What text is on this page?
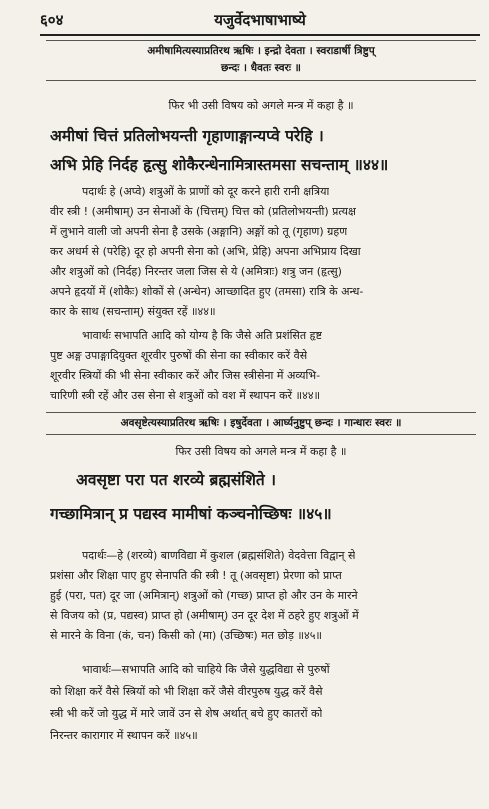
६०४	यजुर्वेदभाषाभाष्ये
अमीषामित्यस्याप्रतिरथ ऋषिः । इन्द्रो देवता । स्वराडार्षी त्रिष्टुप्
छन्दः । धैवतः स्वरः ॥
फिर भी उसी विषय को अगले मन्त्र में कहा है ॥
अमीषां चित्तं प्रतिलोभयन्ती गृहाणाङ्गान्यप्वे परेहि ।
अभि प्रेहि निर्दह हृत्सु शोकैरन्धेनामित्रास्तमसा सचन्ताम् ॥४४॥
पदार्थः हे (अप्वे) शत्रुओं के प्राणों को दूर करने हारी रानी क्षत्रिया
वीर स्त्री ! (अमीषाम्) उन सेनाओं के (चित्तम्) चित्त को (प्रतिलोभयन्ती) प्रत्यक्ष
में लुभाने वाली जो अपनी सेना है उसके (अङ्गानि) अङ्गों को तू (गृहाण) ग्रहण
कर अधर्म से (परेहि) दूर हो अपनी सेना को (अभि, प्रेहि) अपना अभिप्राय दिखा
और शत्रुओं को (निर्दह) निरन्तर जला जिस से ये (अमित्राः) शत्रु जन (हृत्सु)
अपने हृदयों में (शोकैः) शोकों से (अन्धेन) आच्छादित हुए (तमसा) रात्रि के अन्ध-
कार के साथ (सचन्ताम्) संयुक्त रहें ॥४४॥
भावार्थः सभापति आदि को योग्य है कि जैसे अति प्रशंसित हृष्ट
पुष्ट अङ्ग उपाङ्गादियुक्त शूरवीर पुरुषों की सेना का स्वीकार करें वैसे
शूरवीर स्त्रियों की भी सेना स्वीकार करें और जिस स्त्रीसेना में अव्यभि-
चारिणी स्त्री रहें और उस सेना से शत्रुओं को वश में स्थापन करें ॥४४॥
अवसृष्टेत्यस्याप्रतिरथ ऋषिः । इषुर्देवता । आर्घ्यनुष्टुप् छन्दः । गान्धारः स्वरः ॥
फिर उसी विषय को अगले मन्त्र में कहा है ॥
अवसृष्टा परा पत शरव्ये ब्रह्मसंशिते ।
गच्छामित्रान् प्र पद्यस्व मामीषां कञ्चनोच्छिषः ॥४५॥
पदार्थः—हे (शरव्ये) बाणविद्या में कुशल (ब्रह्मसंशिते) वेदवेत्ता विद्वान् से
प्रशंसा और शिक्षा पाए हुए सेनापति की स्त्री ! तू (अवसृष्टा) प्रेरणा को प्राप्त
हुई (परा, पत) दूर जा (अमित्रान्) शत्रुओं को (गच्छ) प्राप्त हो और उन के मारने
से विजय को (प्र, पद्यस्व) प्राप्त हो (अमीषाम्) उन दूर देश में ठहरे हुए शत्रुओं में
से मारने के विना (कं, चन) किसी को (मा) (उच्छिषः) मत छोड़ ॥४५॥
भावार्थः—सभापति आदि को चाहिये कि जैसे युद्धविद्या से पुरुषों
को शिक्षा करें वैसे स्त्रियों को भी शिक्षा करें जैसे वीरपुरुष युद्ध करें वैसे
स्त्री भी करें जो युद्ध में मारे जावें उन से शेष अर्थात् बचे हुए कातरों को
निरन्तर कारागार में स्थापन करें ॥४५॥
